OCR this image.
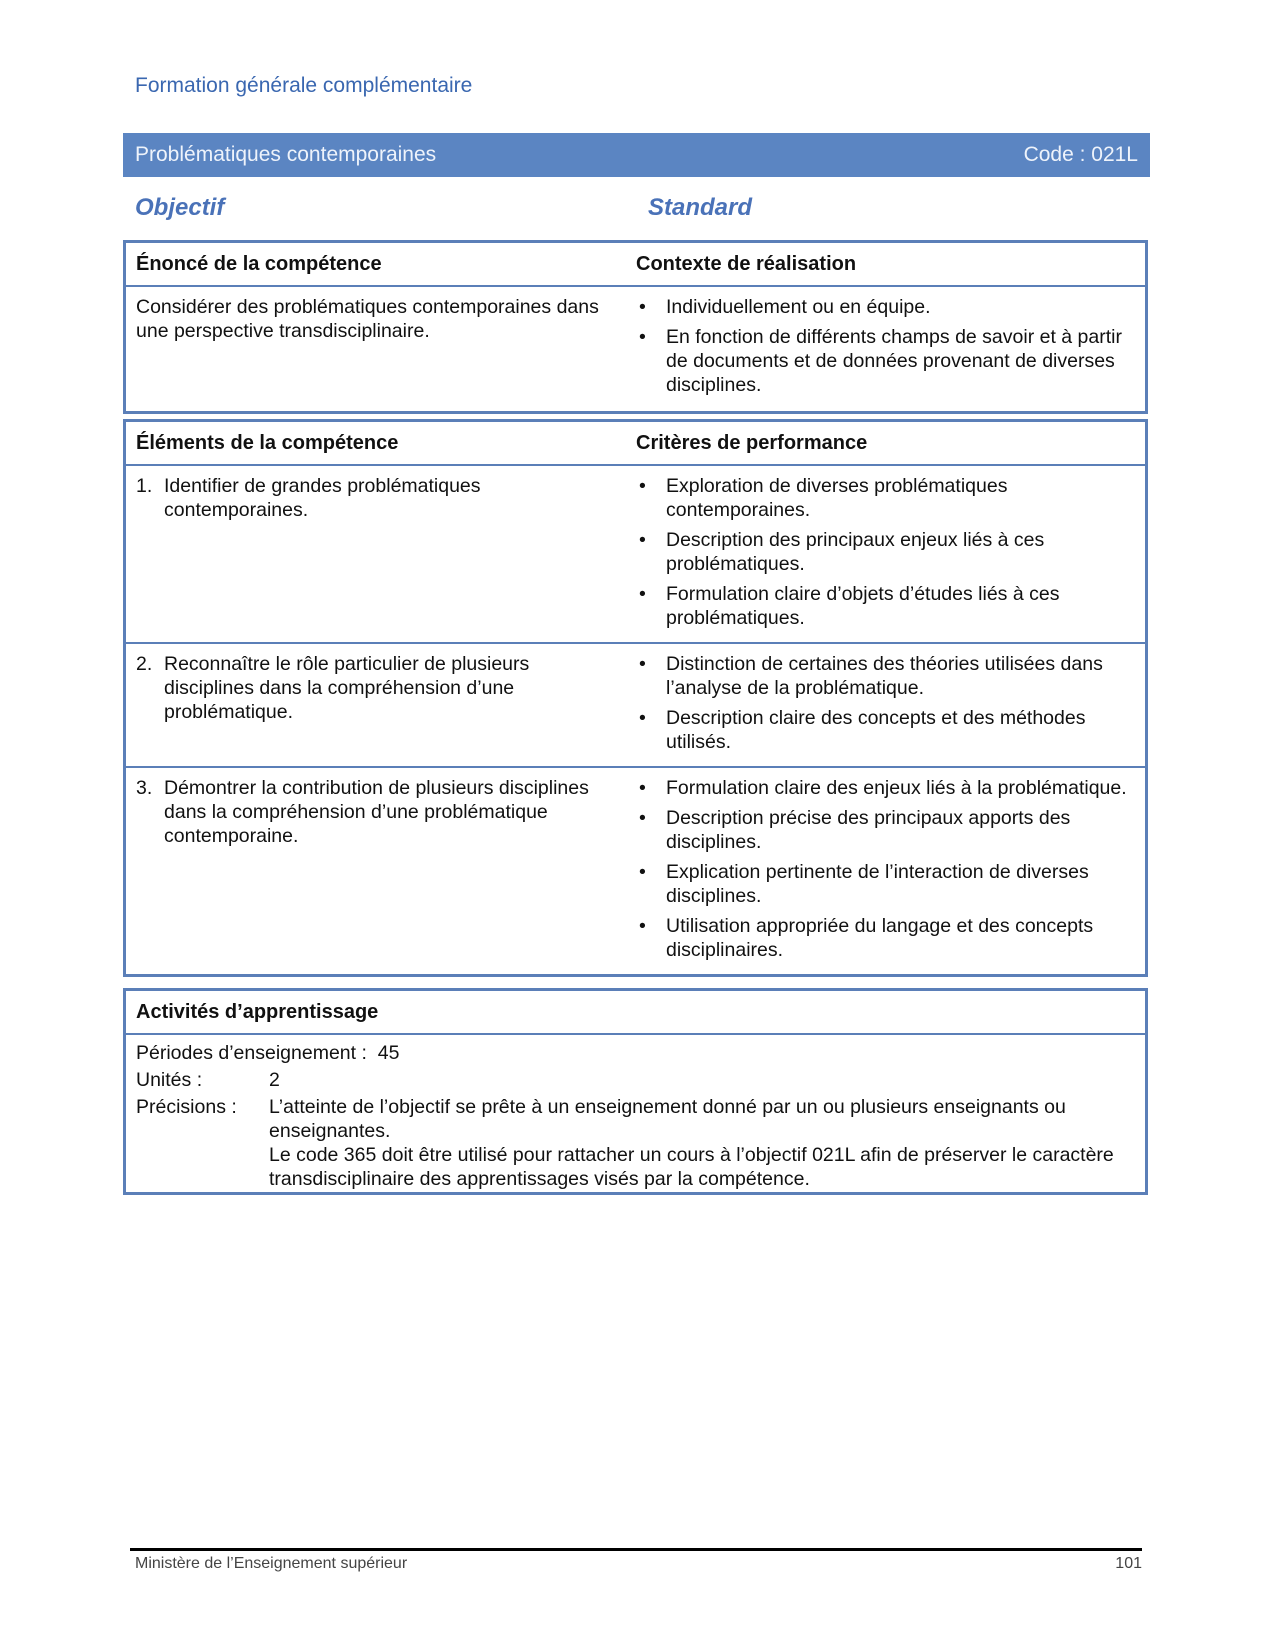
Formation générale complémentaire
Problématiques contemporaines	Code : 021L
Objectif	Standard
Énoncé de la compétence	Contexte de réalisation
Considérer des problématiques contemporaines dans une perspective transdisciplinaire.
• Individuellement ou en équipe.
• En fonction de différents champs de savoir et à partir de documents et de données provenant de diverses disciplines.
Éléments de la compétence	Critères de performance
1. Identifier de grandes problématiques contemporaines.
• Exploration de diverses problématiques contemporaines.
• Description des principaux enjeux liés à ces problématiques.
• Formulation claire d’objets d’études liés à ces problématiques.
2. Reconnaître le rôle particulier de plusieurs disciplines dans la compréhension d’une problématique.
• Distinction de certaines des théories utilisées dans l’analyse de la problématique.
• Description claire des concepts et des méthodes utilisés.
3. Démontrer la contribution de plusieurs disciplines dans la compréhension d’une problématique contemporaine.
• Formulation claire des enjeux liés à la problématique.
• Description précise des principaux apports des disciplines.
• Explication pertinente de l’interaction de diverses disciplines.
• Utilisation appropriée du langage et des concepts disciplinaires.
Activités d’apprentissage
Périodes d’enseignement :
45
Unités :	2
Précisions :	L’atteinte de l’objectif se prête à un enseignement donné par un ou plusieurs enseignants ou enseignantes.
Le code 365 doit être utilisé pour rattacher un cours à l’objectif 021L afin de préserver le caractère transdisciplinaire des apprentissages visés par la compétence.
Ministère de l’Enseignement supérieur	101
